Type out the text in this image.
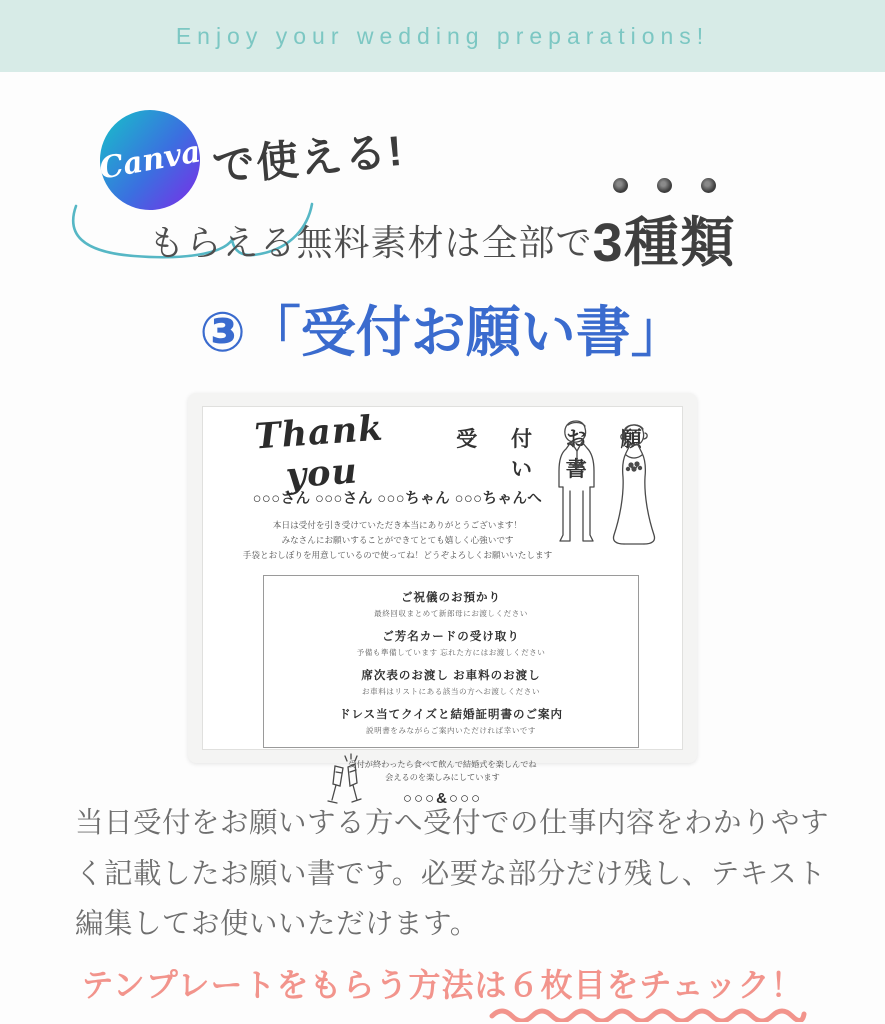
Enjoy your wedding preparations!
Canva で使える!
もらえる無料素材は全部で
3種類
③「受付お願い書」
Thank you
受 付 お 願 い 書
○○○さん ○○○さん ○○○ちゃん ○○○ちゃんへ
本日は受付を引き受けていただき本当にありがとうございます！
みなさんにお願いすることができてとても嬉しく心強いです
手袋とおしぼりを用意しているので使ってね！どうぞよろしくお願いいたします
ご祝儀のお預かり
最終回収まとめて新郎母にお渡しください
ご芳名カードの受け取り
予備も準備しています 忘れた方にはお渡しください
席次表のお渡し お車料のお渡し
お車料はリストにある該当の方へお渡しください
ドレス当てクイズと結婚証明書のご案内
説明書をみながらご案内いただければ幸いです
受付が終わったら食べて飲んで結婚式を楽しんでね
会えるのを楽しみにしています
○○○&○○○
当日受付をお願いする方へ受付での仕事内容をわかりやすく記載したお願い書です。必要な部分だけ残し、テキスト編集してお使いいただけます。
テンプレートをもらう方法は６枚目をチェック！
